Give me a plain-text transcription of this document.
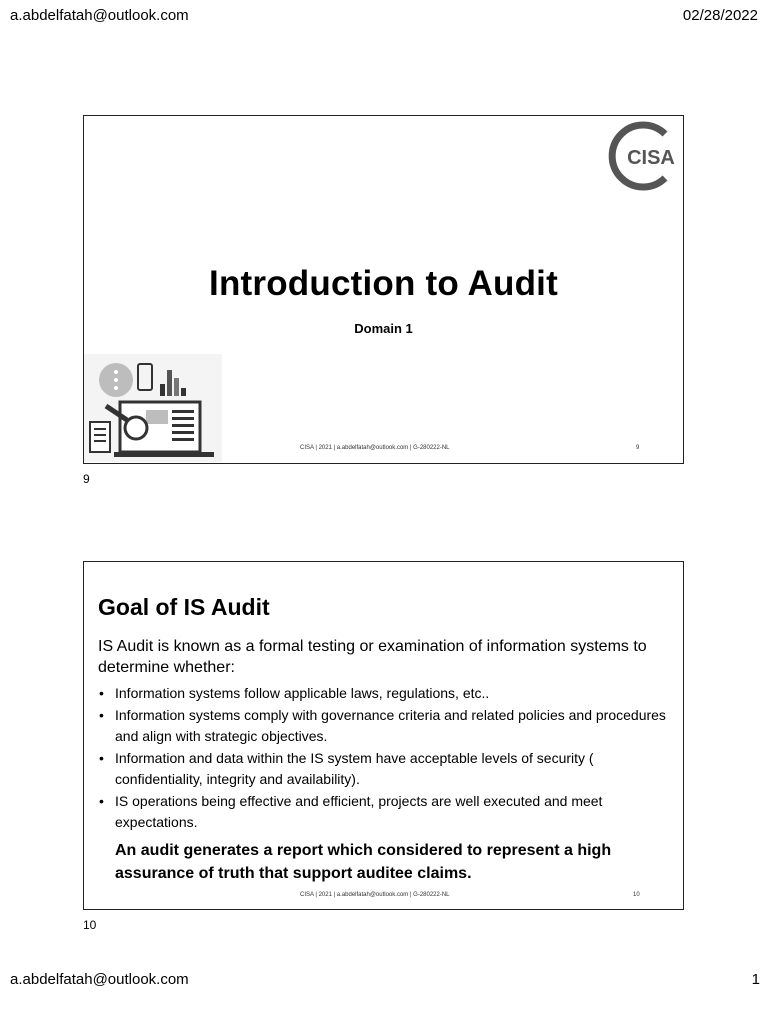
a.abdelfatah@outlook.com	02/28/2022
CISA
Introduction to Audit
Domain 1
CISA | 2021 | a.abdelfatah@outlook.com | G-280222-NL	9
9
Goal of IS Audit
IS Audit is known as a formal testing or examination of information systems to determine whether:
• Information systems follow applicable laws, regulations, etc..
• Information systems comply with governance criteria and related policies and procedures and align with strategic objectives.
• Information and data within the IS system have acceptable levels of security ( confidentiality, integrity and availability).
• IS operations being effective and efficient, projects are well executed and meet expectations.
An audit generates a report which considered to represent a high assurance of truth that support auditee claims.
CISA | 2021 | a.abdelfatah@outlook.com | G-280222-NL	10
10
a.abdelfatah@outlook.com	1
